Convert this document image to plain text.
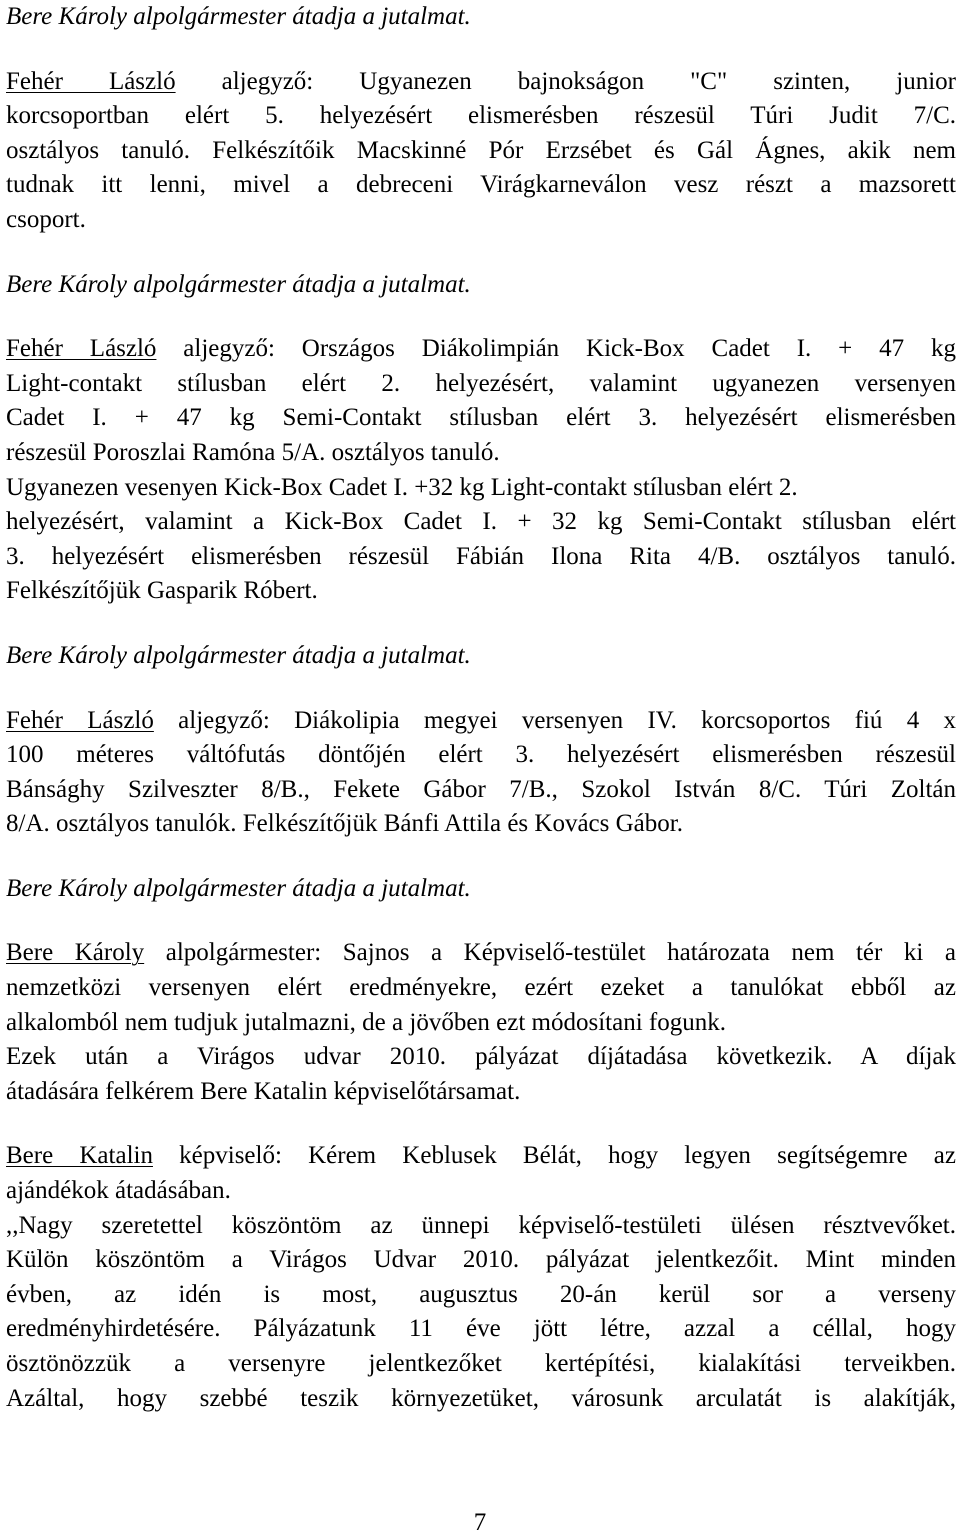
Bere Károly alpolgármester átadja a jutalmat.

Fehér László aljegyző: Ugyanezen bajnokságon "C" szinten, junior
korcsoportban elért 5. helyezésért elismerésben részesül Túri Judit 7/C.
osztályos tanuló. Felkészítőik Macskinné Pór Erzsébet és Gál Ágnes, akik nem
tudnak itt lenni, mivel a debreceni Virágkarneválon vesz részt a mazsorett
csoport.

Bere Károly alpolgármester átadja a jutalmat.

Fehér László aljegyző: Országos Diákolimpián Kick-Box Cadet I. + 47 kg
Light-contakt stílusban elért 2. helyezésért, valamint ugyanezen versenyen
Cadet I. + 47 kg Semi-Contakt stílusban elért 3. helyezésért elismerésben
részesül Poroszlai Ramóna 5/A. osztályos tanuló.
Ugyanezen vesenyen Kick-Box Cadet I. +32 kg Light-contakt stílusban elért 2.
helyezésért, valamint a Kick-Box Cadet I. + 32 kg Semi-Contakt stílusban elért
3. helyezésért elismerésben részesül Fábián Ilona Rita 4/B. osztályos tanuló.
Felkészítőjük Gasparik Róbert.

Bere Károly alpolgármester átadja a jutalmat.

Fehér László aljegyző: Diákolipia megyei versenyen IV. korcsoportos fiú 4 x
100 méteres váltófutás döntőjén elért 3. helyezésért elismerésben részesül
Bánsághy Szilveszter 8/B., Fekete Gábor 7/B., Szokol István 8/C. Túri Zoltán
8/A. osztályos tanulók. Felkészítőjük Bánfi Attila és Kovács Gábor.

Bere Károly alpolgármester átadja a jutalmat.

Bere Károly alpolgármester: Sajnos a Képviselő-testület határozata nem tér ki a
nemzetközi versenyen elért eredményekre, ezért ezeket a tanulókat ebből az
alkalomból nem tudjuk jutalmazni, de a jövőben ezt módosítani fogunk.
Ezek után a Virágos udvar 2010. pályázat díjátadása következik. A díjak
átadására felkérem Bere Katalin képviselőtársamat.
Bere Katalin képviselő: Kérem Keblusek Bélát, hogy legyen segítségemre az
ajándékok átadásában.
,,Nagy szeretettel köszöntöm az ünnepi képviselő-testületi ülésen résztvevőket.
Külön köszöntöm a Virágos Udvar 2010. pályázat jelentkezőit. Mint minden
évben, az idén is most, augusztus 20-án kerül sor a verseny
eredményhirdetésére. Pályázatunk 11 éve jött létre, azzal a céllal, hogy
ösztönözzük a versenyre jelentkezőket kertépítési, kialakítási terveikben.
Azáltal, hogy szebbé teszik környezetüket, városunk arculatát is alakítják,
7
